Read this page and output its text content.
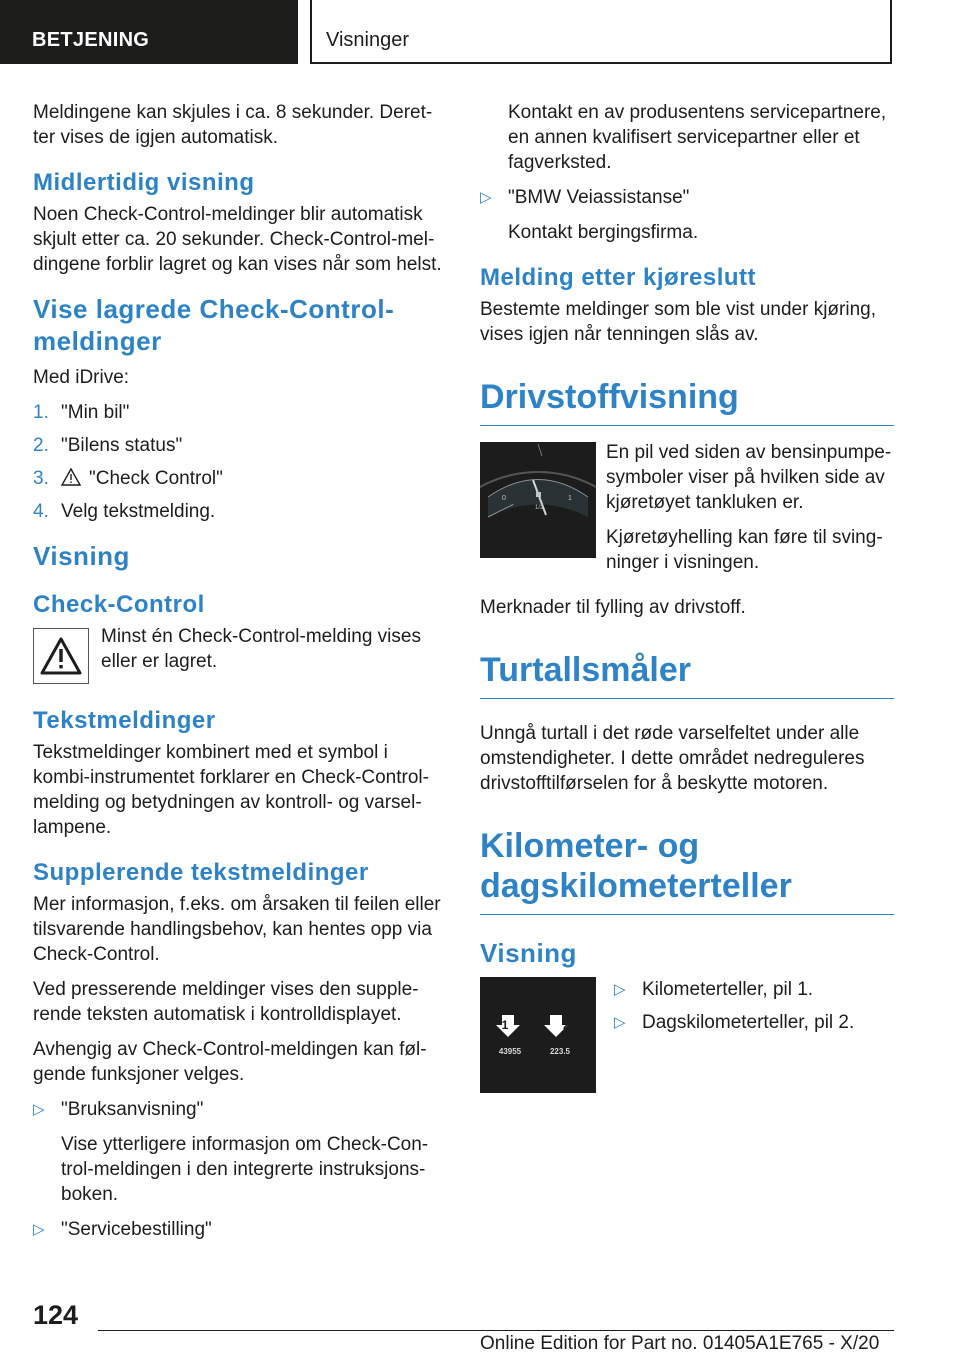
BETJENING	Visninger

Meldingene kan skjules i ca. 8 sekunder. Deret‐ ter vises de igjen automatisk.

Midlertidig visning

Noen Check-Control-meldinger blir automatisk skjult etter ca. 20 sekunder. Check-Control-mel‐ dingene forblir lagret og kan vises når som helst.

Vise lagrede Check-Control-meldinger

Med iDrive:

1. "Min bil"
2. "Bilens status"
3. "Check Control"
4. Velg tekstmelding.
Visning
Check-Control
Minst én Check-Control-melding vises eller er lagret.
Tekstmeldinger

Tekstmeldinger kombinert med et symbol i kombi-instrumentet forklarer en Check-Control-melding og betydningen av kontroll- og varsel‐ lampene.

Supplerende tekstmeldinger

Mer informasjon, f.eks. om årsaken til feilen eller tilsvarende handlingsbehov, kan hentes opp via Check-Control.

Ved presserende meldinger vises den supple‐ rende teksten automatisk i kontrolldisplayet.

Avhengig av Check-Control-meldingen kan føl‐ gende funksjoner velges.

▷ "Bruksanvisning"
Vise ytterligere informasjon om Check-Con‐ trol-meldingen i den integrerte instruksjons‐ boken.
▷ "Servicebestilling"
Kontakt en av produsentens servicepartnere, en annen kvalifisert servicepartner eller et fagverksted.
▷ "BMW Veiassistanse"
Kontakt bergingsfirma.
Melding etter kjøreslutt

Bestemte meldinger som ble vist under kjøring, vises igjen når tenningen slås av.

Drivstoffvisning
0
1/2
1

En pil ved siden av bensinpumpe‐ symboler viser på hvilken side av kjøretøyet tankluken er.

Kjøretøyhelling kan føre til sving‐ ninger i visningen.

Merknader til fylling av drivstoff.

Turtallsmåler

Unngå turtall i det røde varselfeltet under alle omstendigheter. I dette området nedreguleres drivstofftilførselen for å beskytte motoren.

Kilometer- og dagskilometerteller
Visning
1	2
43955	223.5
▷ Kilometerteller, pil 1.
▷ Dagskilometerteller, pil 2.
124
Online Edition for Part no. 01405A1E765 - X/20
